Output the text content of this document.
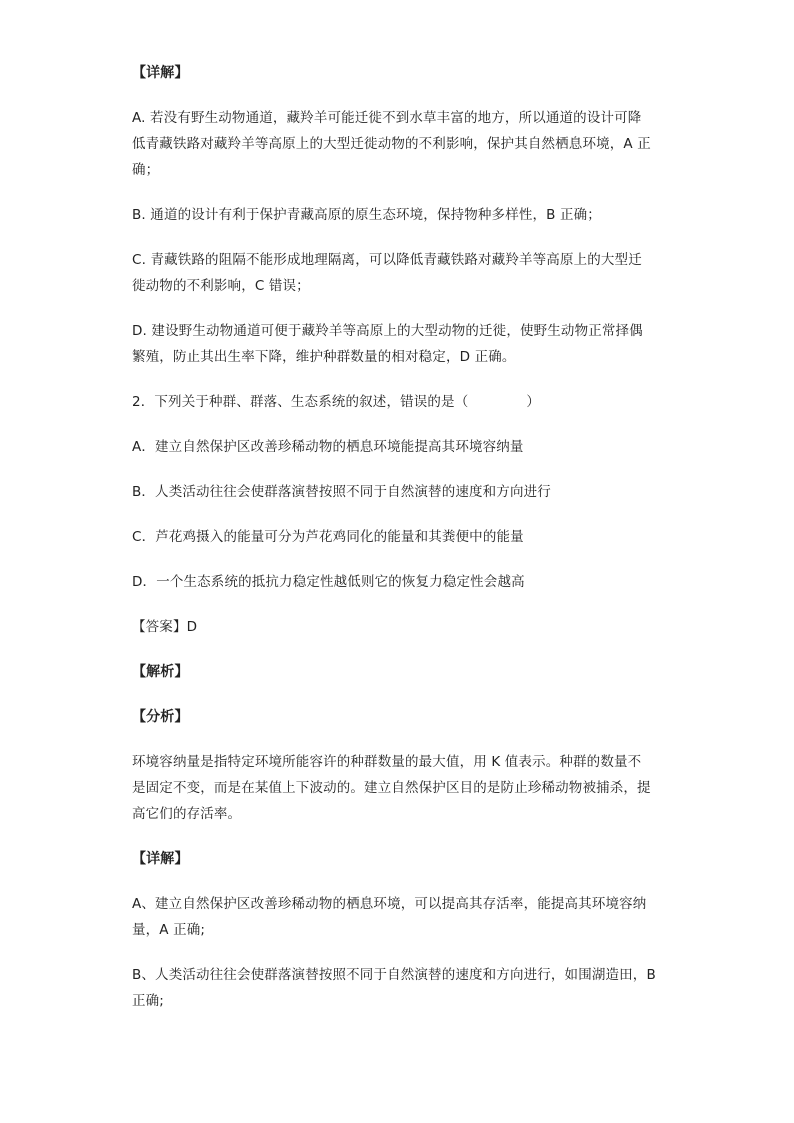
【详解】

A. 若没有野生动物通道，藏羚羊可能迁徙不到水草丰富的地方，所以通道的设计可降

低青藏铁路对藏羚羊等高原上的大型迁徙动物的不利影响，保护其自然栖息环境，A 正

确；

B. 通道的设计有利于保护青藏高原的原生态环境，保持物种多样性，B 正确；

C. 青藏铁路的阻隔不能形成地理隔离，可以降低青藏铁路对藏羚羊等高原上的大型迁

徙动物的不利影响，C 错误；

D. 建设野生动物通道可便于藏羚羊等高原上的大型动物的迁徙，使野生动物正常择偶

繁殖，防止其出生率下降，维护种群数量的相对稳定，D 正确。

2．下列关于种群、群落、生态系统的叙述，错误的是（	）

A．建立自然保护区改善珍稀动物的栖息环境能提高其环境容纳量

B．人类活动往往会使群落演替按照不同于自然演替的速度和方向进行

C．芦花鸡摄入的能量可分为芦花鸡同化的能量和其粪便中的能量

D．一个生态系统的抵抗力稳定性越低则它的恢复力稳定性会越高

【答案】D

【解析】

【分析】

环境容纳量是指特定环境所能容许的种群数量的最大值，用 K 值表示。种群的数量不

是固定不变，而是在某值上下波动的。建立自然保护区目的是防止珍稀动物被捕杀，提

高它们的存活率。

【详解】

A、建立自然保护区改善珍稀动物的栖息环境，可以提高其存活率，能提高其环境容纳

量，A 正确;

B、人类活动往往会使群落演替按照不同于自然演替的速度和方向进行，如围湖造田，B

正确;
